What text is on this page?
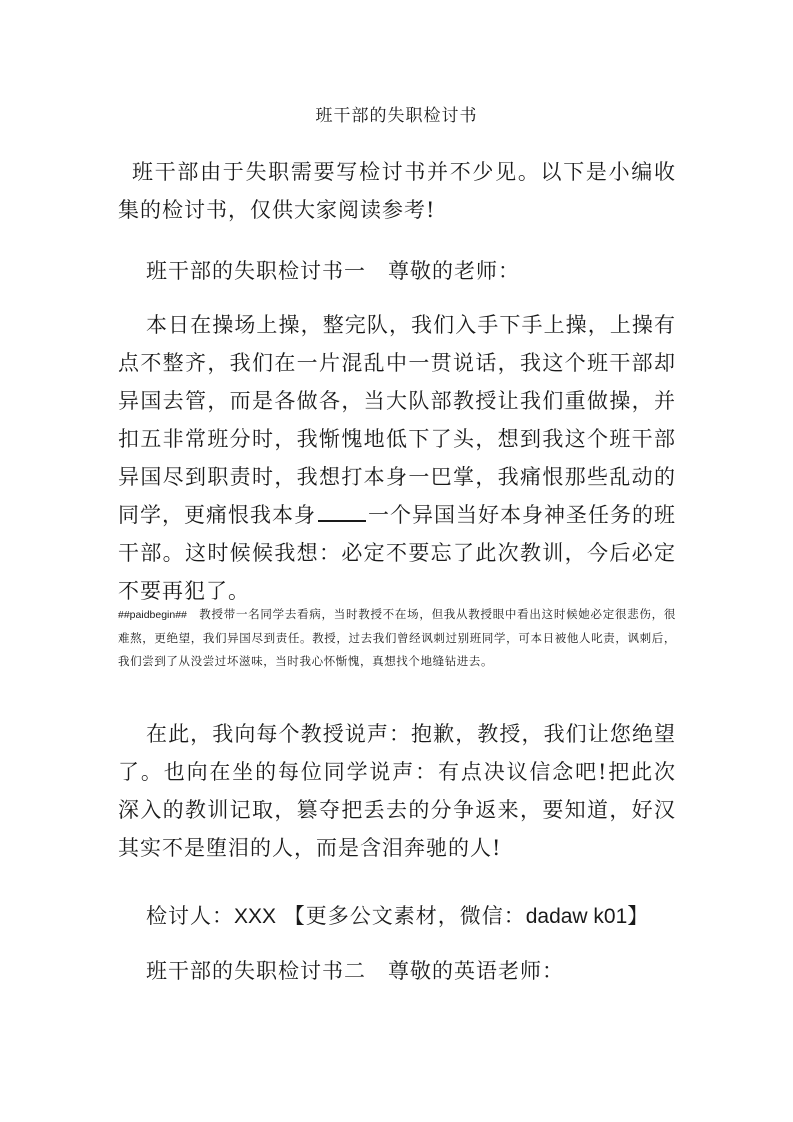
班干部的失职检讨书

班干部由于失职需要写检讨书并不少见。以下是小编收集的检讨书，仅供大家阅读参考!

班干部的失职检讨书一　尊敬的老师：

本日在操场上操，整完队，我们入手下手上操，上操有点不整齐，我们在一片混乱中一贯说话，我这个班干部却异国去管，而是各做各，当大队部教授让我们重做操，并扣五非常班分时，我惭愧地低下了头，想到我这个班干部异国尽到职责时，我想打本身一巴掌，我痛恨那些乱动的同学，更痛恨我本身 一个异国当好本身神圣任务的班干部。这时候候我想：必定不要忘了此次教训，今后必定不要再犯了。

##paidbegin##　 教授带一名同学去看病，当时教授不在场，但我从教授眼中看出这时候她必定很悲伤，很难熬，更绝望，我们异国尽到责任。教授，过去我们曾经讽刺过别班同学，可本日被他人叱责，讽刺后，我们尝到了从没尝过坏滋味，当时我心怀惭愧，真想找个地缝钻进去。

在此，我向每个教授说声：抱歉，教授，我们让您绝望了。也向在坐的每位同学说声：有点决议信念吧!把此次深入的教训记取，篡夺把丢去的分争返来，要知道，好汉其实不是堕泪的人，而是含泪奔驰的人!

检讨人：XXX 【更多公文素材，微信：dadaw k01】

班干部的失职检讨书二　尊敬的英语老师：
